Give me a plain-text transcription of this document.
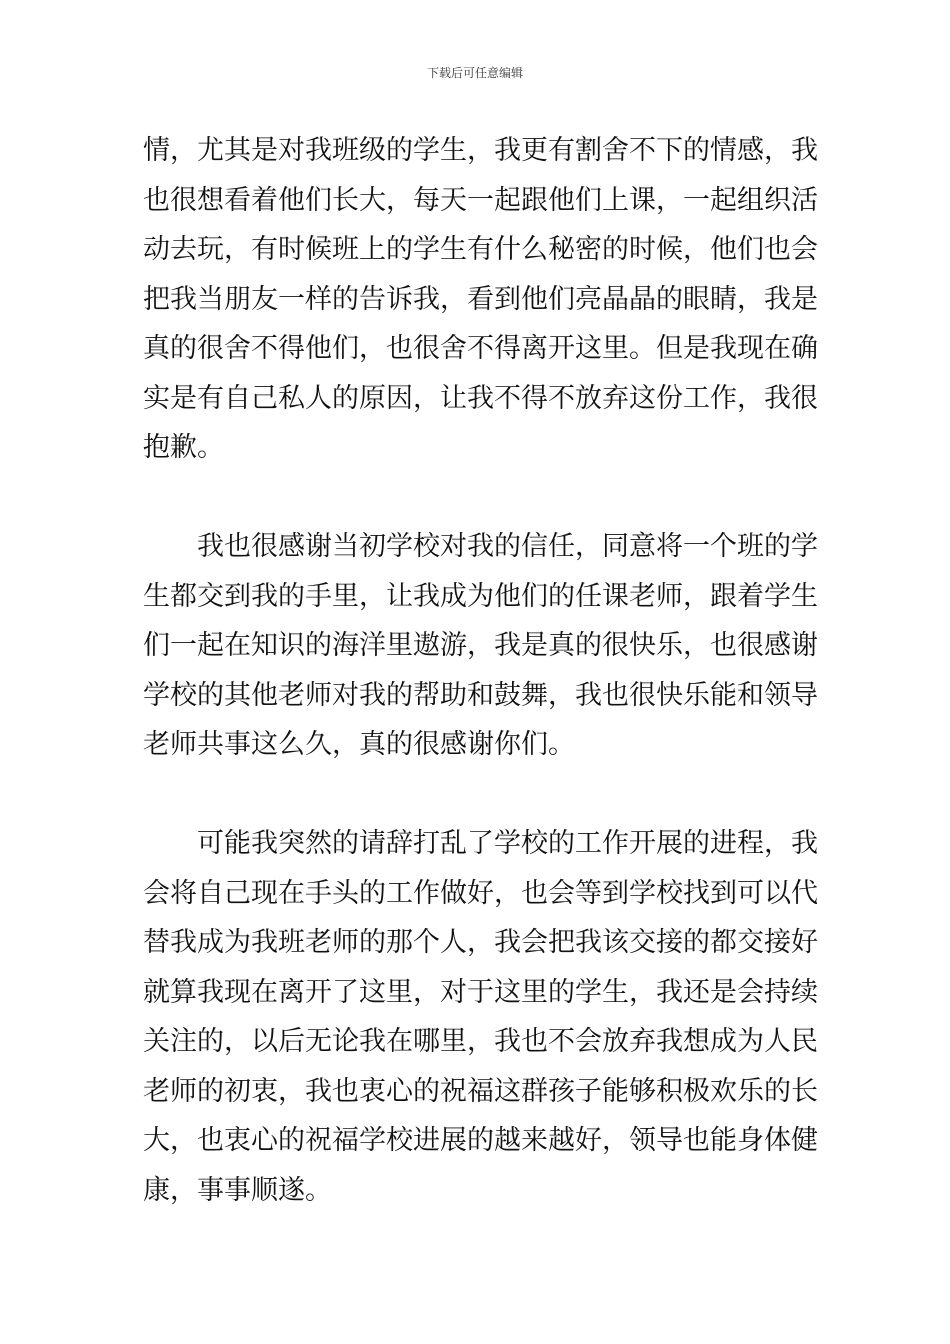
下载后可任意编辑
情，尤其是对我班级的学生，我更有割舍不下的情感，我
也很想看着他们长大，每天一起跟他们上课，一起组织活
动去玩，有时候班上的学生有什么秘密的时候，他们也会
把我当朋友一样的告诉我，看到他们亮晶晶的眼睛，我是
真的很舍不得他们，也很舍不得离开这里。但是我现在确
实是有自己私人的原因，让我不得不放弃这份工作，我很
抱歉。
　　我也很感谢当初学校对我的信任，同意将一个班的学
生都交到我的手里，让我成为他们的任课老师，跟着学生
们一起在知识的海洋里遨游，我是真的很快乐，也很感谢
学校的其他老师对我的帮助和鼓舞，我也很快乐能和领导
老师共事这么久，真的很感谢你们。
　　可能我突然的请辞打乱了学校的工作开展的进程，我
会将自己现在手头的工作做好，也会等到学校找到可以代
替我成为我班老师的那个人，我会把我该交接的都交接好
就算我现在离开了这里，对于这里的学生，我还是会持续
关注的，以后无论我在哪里，我也不会放弃我想成为人民
老师的初衷，我也衷心的祝福这群孩子能够积极欢乐的长
大，也衷心的祝福学校进展的越来越好，领导也能身体健
康，事事顺遂。
